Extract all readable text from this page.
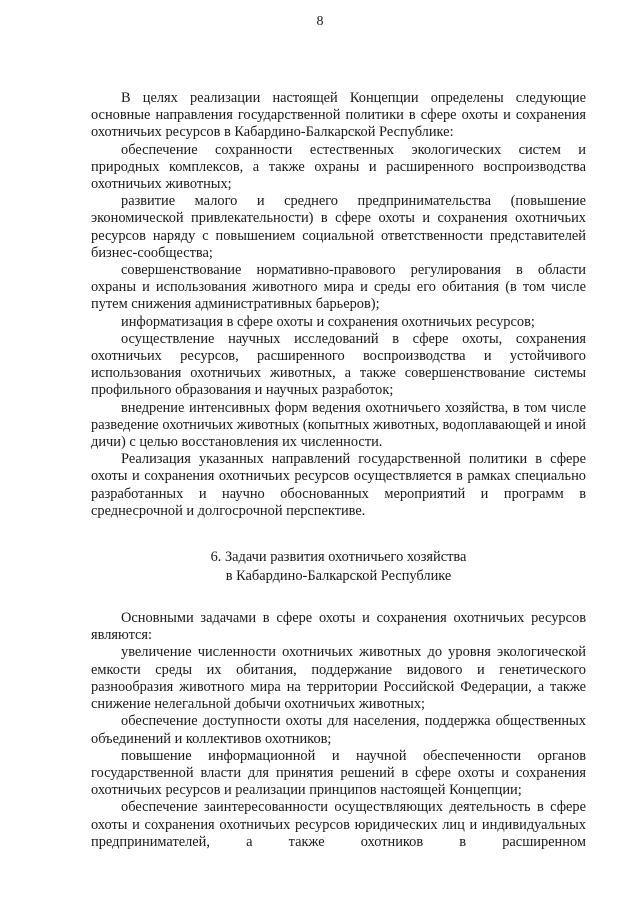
8

В целях реализации настоящей Концепции определены следующие основные направления государственной политики в сфере охоты и сохранения охотничьих ресурсов в Кабардино-Балкарской Республике:

обеспечение сохранности естественных экологических систем и природных комплексов, а также охраны и расширенного воспроизводства охотничьих животных;

развитие малого и среднего предпринимательства (повышение экономической привлекательности) в сфере охоты и сохранения охотничьих ресурсов наряду с повышением социальной ответственности представителей бизнес-сообщества;

совершенствование нормативно-правового регулирования в области охраны и использования животного мира и среды его обитания (в том числе путем снижения административных барьеров);

информатизация в сфере охоты и сохранения охотничьих ресурсов;

осуществление научных исследований в сфере охоты, сохранения охотничьих ресурсов, расширенного воспроизводства и устойчивого использования охотничьих животных, а также совершенствование системы профильного образования и научных разработок;

внедрение интенсивных форм ведения охотничьего хозяйства, в том числе разведение охотничьих животных (копытных животных, водоплавающей и иной дичи) с целью восстановления их численности.

Реализация указанных направлений государственной политики в сфере охоты и сохранения охотничьих ресурсов осуществляется в рамках специально разработанных и научно обоснованных мероприятий и программ в среднесрочной и долгосрочной перспективе.

6. Задачи развития охотничьего хозяйства
в Кабардино-Балкарской Республике

Основными задачами в сфере охоты и сохранения охотничьих ресурсов являются:

увеличение численности охотничьих животных до уровня экологической емкости среды их обитания, поддержание видового и генетического разнообразия животного мира на территории Российской Федерации, а также снижение нелегальной добычи охотничьих животных;

обеспечение доступности охоты для населения, поддержка общественных объединений и коллективов охотников;

повышение информационной и научной обеспеченности органов государственной власти для принятия решений в сфере охоты и сохранения охотничьих ресурсов и реализации принципов настоящей Концепции;

обеспечение заинтересованности осуществляющих деятельность в сфере охоты и сохранения охотничьих ресурсов юридических лиц и индивидуальных предпринимателей, а также охотников в расширенном
